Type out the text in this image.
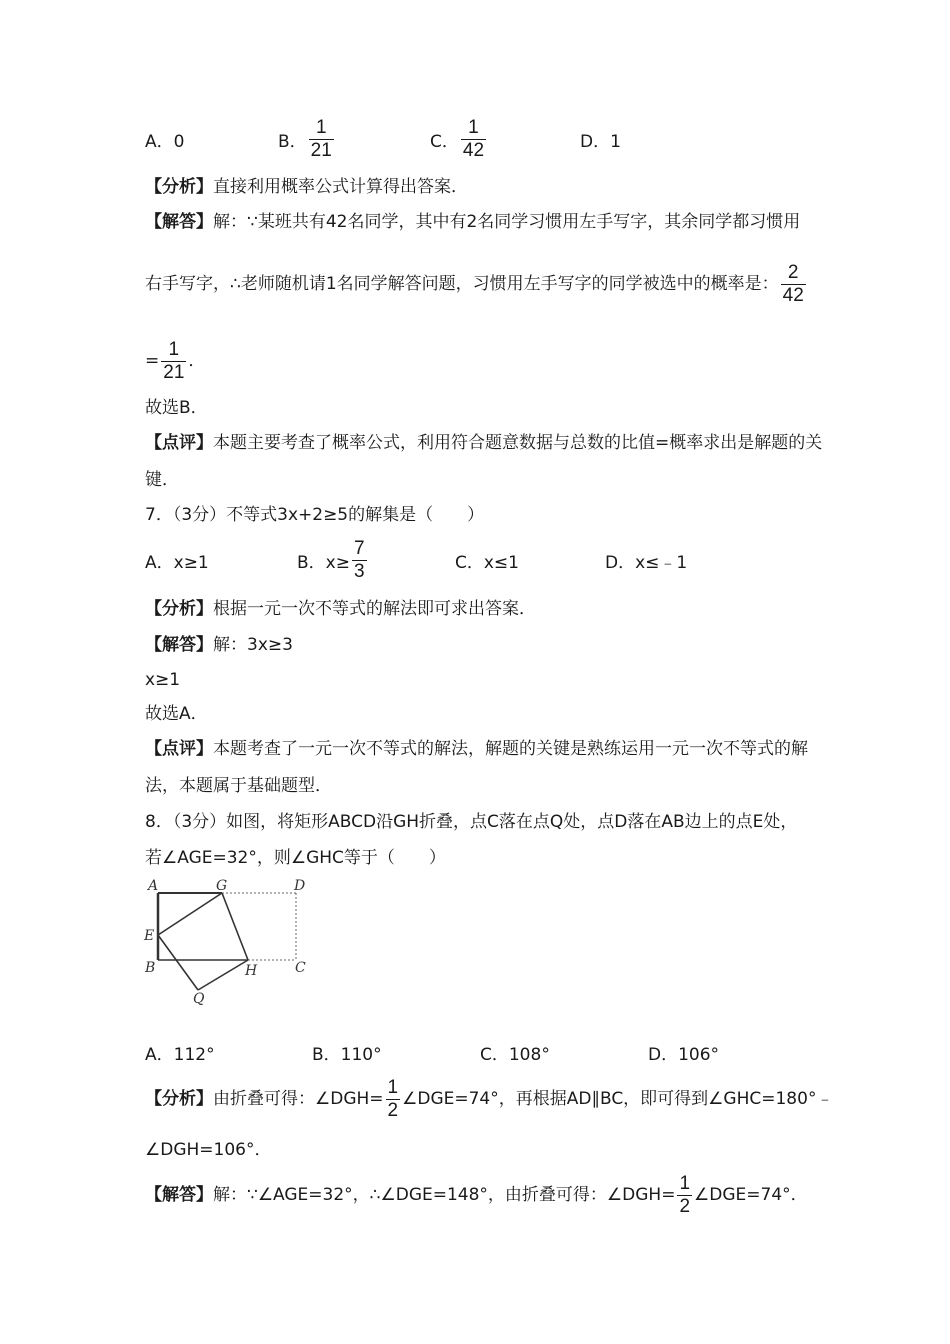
A．0	B． $\frac{1}{21}$	C． $\frac{1}{42}$	D．1
【分析】直接利用概率公式计算得出答案．
【解答】解：∵某班共有42名同学，其中有2名同学习惯用左手写字，其余同学都习惯用
右手写字，∴老师随机请1名同学解答问题，习惯用左手写字的同学被选中的概率是： $\frac{2}{42}$
= $\frac{1}{21}$ ．
故选B．
【点评】本题主要考查了概率公式，利用符合题意数据与总数的比值=概率求出是解题的关
键．
7．（3分）不等式3x+2≥5的解集是（　　）
A．x≥1	B．$x\ge \frac{7}{3}$	C．x≤1	D．x≤﹣1
【分析】根据一元一次不等式的解法即可求出答案．
【解答】解：3x≥3
x≥1
故选A．
【点评】本题考查了一元一次不等式的解法，解题的关键是熟练运用一元一次不等式的解
法，本题属于基础题型．
8．（3分）如图，将矩形ABCD沿GH折叠，点C落在点Q处，点D落在AB边上的点E处，
若∠AGE=32°，则∠GHC等于（　　）
A	G	D
E
B	H	C
Q
A．112°	B．110°	C．108°	D．106°
【分析】 由折叠可得：∠DGH= $\frac{1}{2}$ ∠DGE=74°，再根据AD∥BC，即可得到∠GHC=180°﹣
∠DGH=106°．
【解答】 解：∵∠AGE=32°，∴∠DGE=148°，由折叠可得：∠DGH= $\frac{1}{2}$ ∠DGE=74°．
